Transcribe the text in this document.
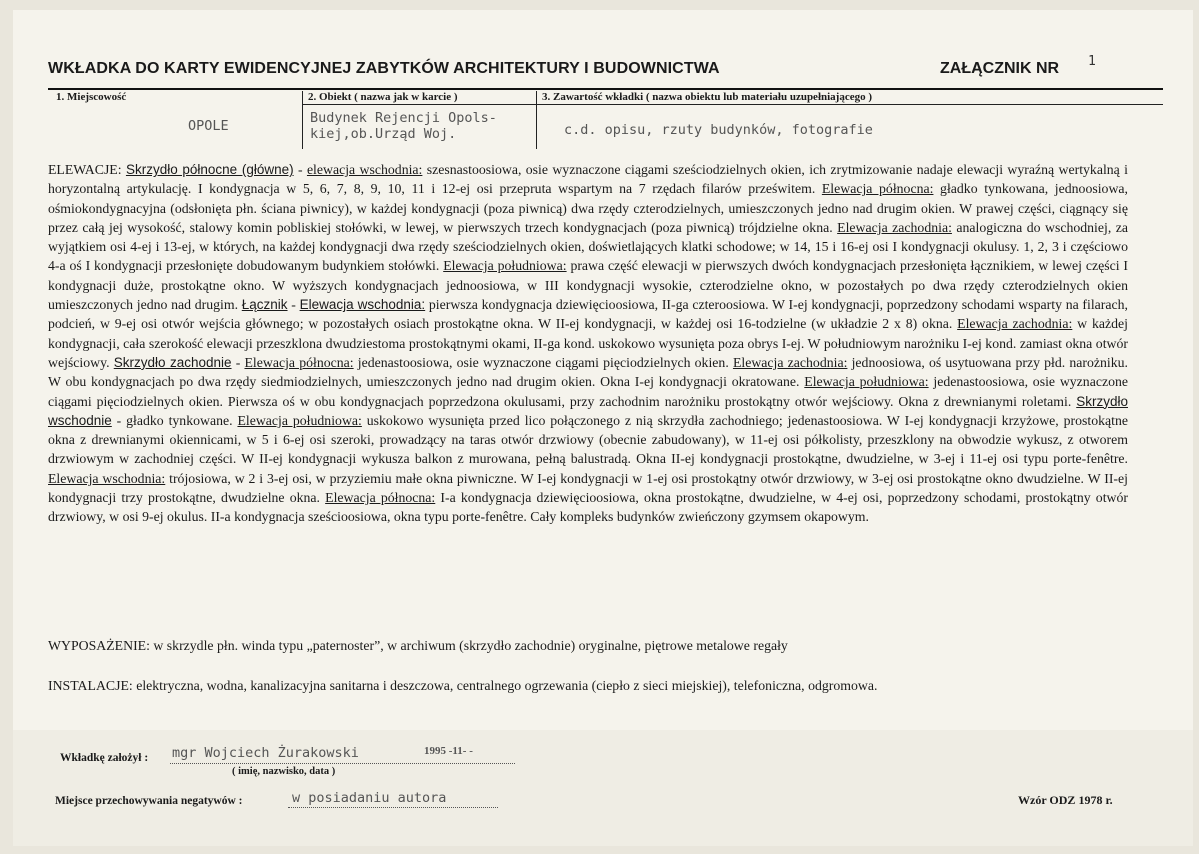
WKŁADKA DO KARTY EWIDENCYJNEJ ZABYTKÓW ARCHITEKTURY I BUDOWNICTWA	ZAŁĄCZNIK NR 1
1. Miejscowość
OPOLE
2. Obiekt ( nazwa jak w karcie )
Budynek Rejencji Opols-
kiej,ob.Urząd Woj.
3. Zawartość wkładki ( nazwa obiektu lub materiału uzupełniającego )
c.d. opisu, rzuty budynków, fotografie

ELEWACJE: Skrzydło północne (główne) - elewacja wschodnia: szesnastoosiowa, osie wyznaczone ciągami sześciodzielnych okien, ich zrytmizowanie nadaje elewacji wyraźną wertykalną i horyzontalną artykulację. I kondygnacja w 5, 6, 7, 8, 9, 10, 11 i 12-ej osi przeprutа wspartym na 7 rzędach filarów prześwitem. Elewacja północna: gładko tynkowana, jednoosiowa, ośmiokondygnacyjna (odsłonięta płn. ściana piwnicy), w każdej kondygnacji (poza piwnicą) dwa rzędy czterodzielnych, umieszczonych jedno nad drugim okien. W prawej części, ciągnący się przez całą jej wysokość, stalowy komin pobliskiej stołówki, w lewej, w pierwszych trzech kondygnacjach (poza piwnicą) trójdzielne okna. Elewacja zachodnia: analogiczna do wschodniej, za wyjątkiem osi 4-ej i 13-ej, w których, na każdej kondygnacji dwa rzędy sześciodzielnych okien, doświetlających klatki schodowe; w 14, 15 i 16-ej osi I kondygnacji okulusy. 1, 2, 3 i częściowo 4-a oś I kondygnacji przesłonięte dobudowanym budynkiem stołówki. Elewacja południowa: prawa część elewacji w pierwszych dwóch kondygnacjach przesłonięta łącznikiem, w lewej części I kondygnacji duże, prostokątne okno. W wyższych kondygnacjach jednoosiowa, w III kondygnacji wysokie, czterodzielne okno, w pozostałych po dwa rzędy czterodzielnych okien umieszczonych jedno nad drugim. Łącznik - Elewacja wschodnia: pierwsza kondygnacja dziewięcioosiowa, II-ga czteroosiowa. W I-ej kondygnacji, poprzedzony schodami wsparty na filarach, podcień, w 9-ej osi otwór wejścia głównego; w pozostałych osiach prostokątne okna. W II-ej kondygnacji, w każdej osi 16-todzielne (w układzie 2 x 8) okna. Elewacja zachodnia: w każdej kondygnacji, cała szerokość elewacji przeszklona dwudziestoma prostokątnymi okami, II-ga kond. uskokowo wysunięta poza obrys I-ej. W południowym narożniku I-ej kond. zamiast okna otwór wejściowy. Skrzydło zachodnie - Elewacja północna: jedenastoosiowa, osie wyznaczone ciągami pięciodzielnych okien. Elewacja zachodnia: jednoosiowa, oś usytuowana przy płd. narożniku. W obu kondygnacjach po dwa rzędy siedmiodzielnych, umieszczonych jedno nad drugim okien. Okna I-ej kondygnacji okratowane. Elewacja południowa: jedenastoosiowa, osie wyznaczone ciągami pięciodzielnych okien. Pierwsza oś w obu kondygnacjach poprzedzona okulusami, przy zachodnim narożniku prostokątny otwór wejściowy. Okna z drewnianymi roletami. Skrzydło wschodnie - gładko tynkowane. Elewacja południowa: uskokowo wysunięta przed lico połączonego z nią skrzydła zachodniego; jedenastoosiowa. W I-ej kondygnacji krzyżowe, prostokątne okna z drewnianymi okiennicami, w 5 i 6-ej osi szeroki, prowadzący na taras otwór drzwiowy (obecnie zabudowany), w 11-ej osi półkolisty, przeszklony na obwodzie wykusz, z otworem drzwiowym w zachodniej części. W II-ej kondygnacji wykusza balkon z murowana, pełną balustradą. Okna II-ej kondygnacji prostokątne, dwudzielne, w 3-ej i 11-ej osi typu porte-fenêtre. Elewacja wschodnia: trójosiowa, w 2 i 3-ej osi, w przyziemiu małe okna piwniczne. W I-ej kondygnacji w 1-ej osi prostokątny otwór drzwiowy, w 3-ej osi prostokątne okno dwudzielne. W II-ej kondygnacji trzy prostokątne, dwudzielne okna. Elewacja północna: I-a kondygnacja dziewięcioosiowa, okna prostokątne, dwudzielne, w 4-ej osi, poprzedzony schodami, prostokątny otwór drzwiowy, w osi 9-ej okulus. II-a kondygnacja sześcioosiowa, okna typu porte-fenêtre. Cały kompleks budynków zwieńczony gzymsem okapowym.

WYPOSAŻENIE: w skrzydle płn. winda typu „paternoster”, w archiwum (skrzydło zachodnie) oryginalne, piętrowe metalowe regały
INSTALACJE: elektryczna, wodna, kanalizacyjna sanitarna i deszczowa, centralnego ogrzewania (ciepło z sieci miejskiej), telefoniczna, odgromowa.
Wkładkę założył : mgr Wojciech Żurakowski	1995 -11- -
( imię, nazwisko, data )
Miejsce przechowywania negatywów :	w posiadaniu autora	Wzór ODZ 1978 r.
